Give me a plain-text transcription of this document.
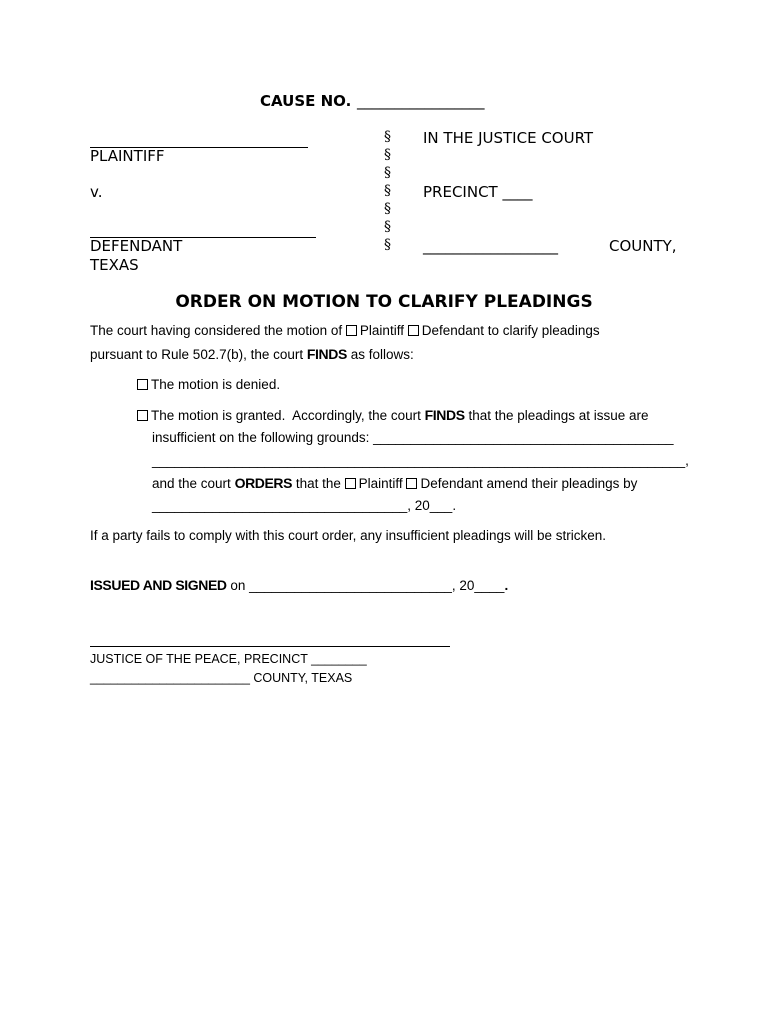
CAUSE NO. _________________
PLAINTIFF
v.
DEFENDANT
TEXAS
§
§
§
§
§
§
§
IN THE JUSTICE COURT
PRECINCT ____
__________________	COUNTY,
ORDER ON MOTION TO CLARIFY PLEADINGS
The court having considered the motion of Plaintiff Defendant to clarify pleadings
pursuant to Rule 502.7(b), the court FINDS as follows:
The motion is denied.
The motion is granted.  Accordingly, the court FINDS that the pleadings at issue are
insufficient on the following grounds: ________________________________________
_______________________________________________________________________,
and the court ORDERS that the Plaintiff Defendant amend their pleadings by
__________________________________, 20___.
If a party fails to comply with this court order, any insufficient pleadings will be stricken.
ISSUED AND SIGNED on ___________________________, 20____.
JUSTICE OF THE PEACE, PRECINCT ________
_______________________ COUNTY, TEXAS
